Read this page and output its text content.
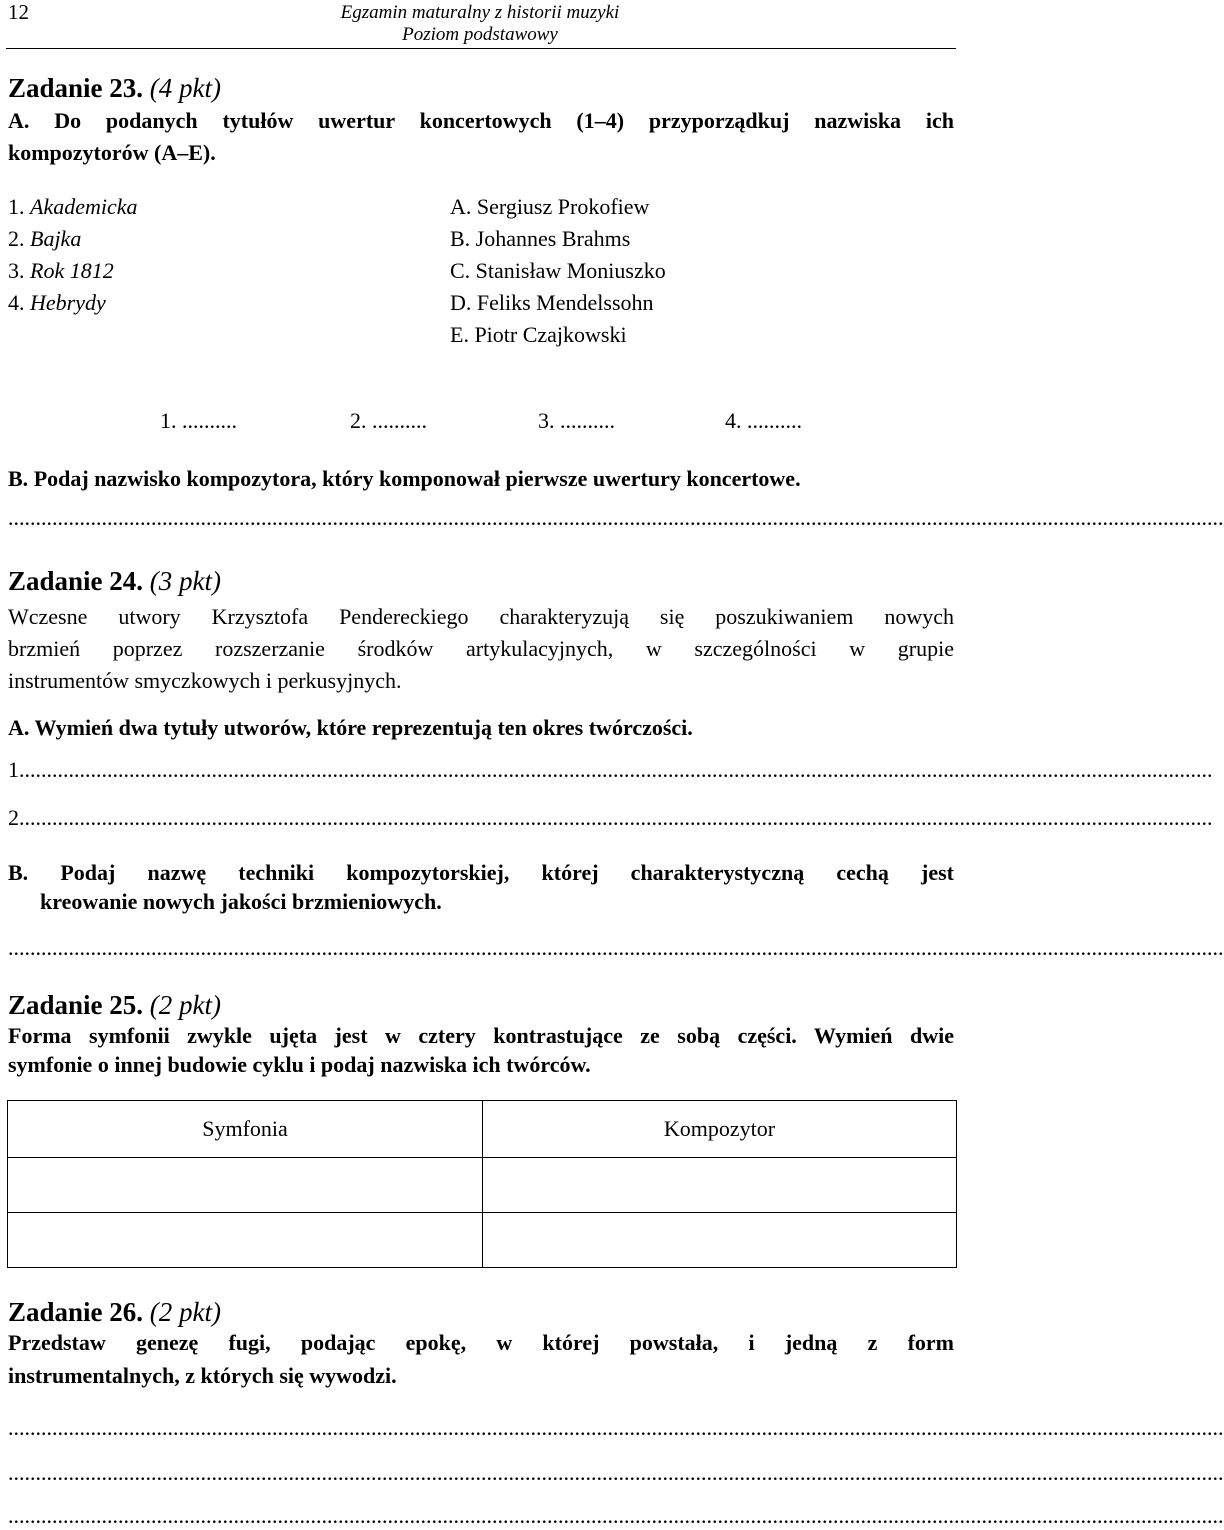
12	Egzamin maturalny z historii muzyki
Poziom podstawowy
Zadanie 23. (4 pkt)
A. Do podanych tytułów uwertur koncertowych (1–4) przyporządkuj nazwiska ich
kompozytorów (A–E).
1. Akademicka
2. Bajka
3. Rok 1812
4. Hebrydy
A. Sergiusz Prokofiew
B. Johannes Brahms
C. Stanisław Moniuszko
D. Feliks Mendelssohn
E. Piotr Czajkowski
1. ..........	2. ..........	3. ..........	4. ..........
B. Podaj nazwisko kompozytora, który komponował pierwsze uwertury koncertowe.
.............................................................................................................................................................................................................................
Zadanie 24. (3 pkt)
Wczesne utwory Krzysztofa Pendereckiego charakteryzują się poszukiwaniem nowych
brzmień poprzez rozszerzanie środków artykulacyjnych, w szczególności w grupie
instrumentów smyczkowych i perkusyjnych.
A. Wymień dwa tytuły utworów, które reprezentują ten okres twórczości.
1.........................................................................................................................................................................................................................
2.........................................................................................................................................................................................................................
B. Podaj nazwę techniki kompozytorskiej, której charakterystyczną cechą jest
kreowanie nowych jakości brzmieniowych.
.............................................................................................................................................................................................................................
Zadanie 25. (2 pkt)
Forma symfonii zwykle ujęta jest w cztery kontrastujące ze sobą części. Wymień dwie
symfonie o innej budowie cyklu i podaj nazwiska ich twórców.
Symfonia	Kompozytor

Zadanie 26. (2 pkt)
Przedstaw genezę fugi, podając epokę, w której powstała, i jedną z form
instrumentalnych, z których się wywodzi.
.............................................................................................................................................................................................................................
.............................................................................................................................................................................................................................
.............................................................................................................................................................................................................................
